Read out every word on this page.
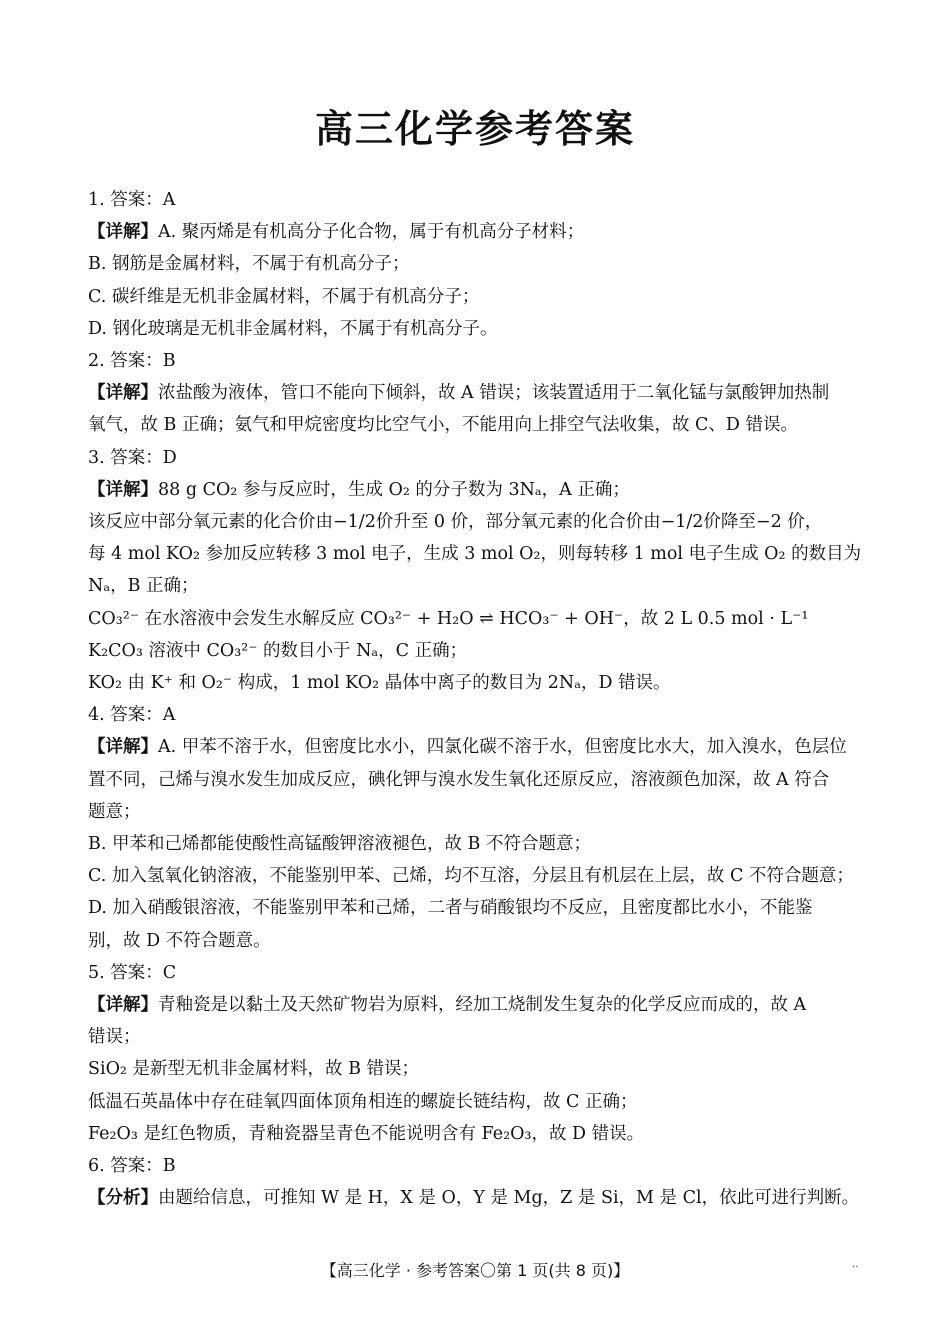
高三化学参考答案
1. 答案：A
【详解】A. 聚丙烯是有机高分子化合物，属于有机高分子材料；
B. 钢筋是金属材料，不属于有机高分子；
C. 碳纤维是无机非金属材料，不属于有机高分子；
D. 钢化玻璃是无机非金属材料，不属于有机高分子。
2. 答案：B
【详解】浓盐酸为液体，管口不能向下倾斜，故 A 错误；该装置适用于二氧化锰与氯酸钾加热制
氧气，故 B 正确；氨气和甲烷密度均比空气小，不能用向上排空气法收集，故 C、D 错误。
3. 答案：D
【详解】88 g CO₂ 参与反应时，生成 O₂ 的分子数为 3Nₐ，A 正确；
该反应中部分氧元素的化合价由−1/2价升至 0 价，部分氧元素的化合价由−1/2价降至−2 价，
每 4 mol KO₂ 参加反应转移 3 mol 电子，生成 3 mol O₂，则每转移 1 mol 电子生成 O₂ 的数目为
Nₐ，B 正确；
CO₃²⁻ 在水溶液中会发生水解反应 CO₃²⁻ + H₂O ⇌ HCO₃⁻ + OH⁻，故 2 L 0.5 mol · L⁻¹
K₂CO₃ 溶液中 CO₃²⁻ 的数目小于 Nₐ，C 正确；
KO₂ 由 K⁺ 和 O₂⁻ 构成，1 mol KO₂ 晶体中离子的数目为 2Nₐ，D 错误。
4. 答案：A
【详解】A. 甲苯不溶于水，但密度比水小，四氯化碳不溶于水，但密度比水大，加入溴水，色层位
置不同，己烯与溴水发生加成反应，碘化钾与溴水发生氧化还原反应，溶液颜色加深，故 A 符合
题意；
B. 甲苯和己烯都能使酸性高锰酸钾溶液褪色，故 B 不符合题意；
C. 加入氢氧化钠溶液，不能鉴别甲苯、己烯，均不互溶，分层且有机层在上层，故 C 不符合题意；
D. 加入硝酸银溶液，不能鉴别甲苯和己烯，二者与硝酸银均不反应，且密度都比水小，不能鉴
别，故 D 不符合题意。
5. 答案：C
【详解】青釉瓷是以黏土及天然矿物岩为原料，经加工烧制发生复杂的化学反应而成的，故 A
错误；
SiO₂ 是新型无机非金属材料，故 B 错误；
低温石英晶体中存在硅氧四面体顶角相连的螺旋长链结构，故 C 正确；
Fe₂O₃ 是红色物质，青釉瓷器呈青色不能说明含有 Fe₂O₃，故 D 错误。
6. 答案：B
【分析】由题给信息，可推知 W 是 H，X 是 O，Y 是 Mg，Z 是 Si，M 是 Cl，依此可进行判断。
【高三化学 · 参考答案〇第 1 页(共 8 页)】	··
